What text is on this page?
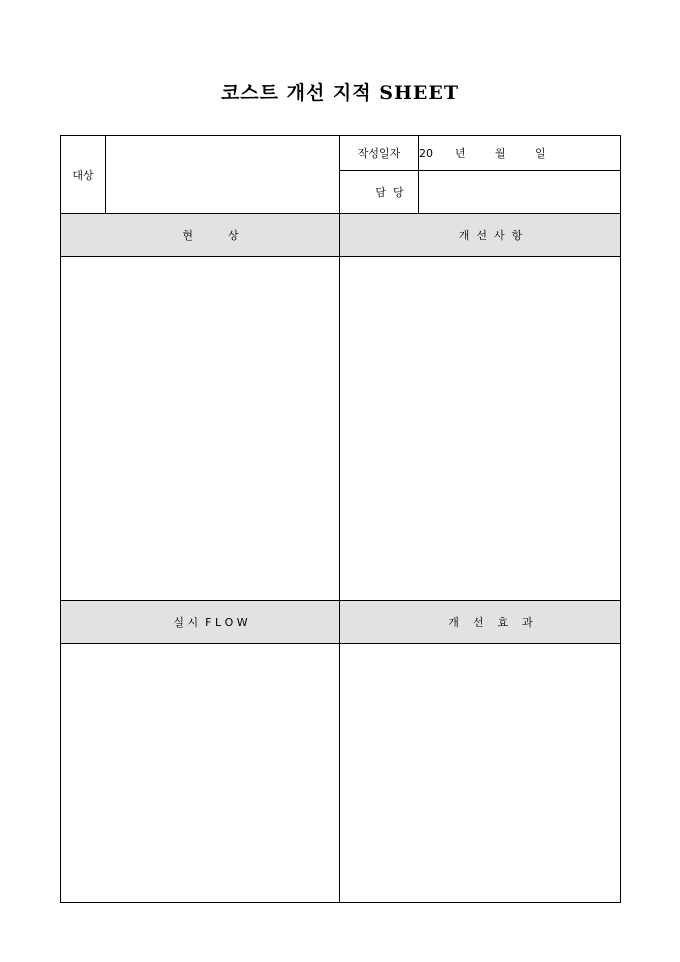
코스트 개선 지적 SHEET
대상		작성일자	20 년 월 일

담  당

현          상		개  선  사  항	

실 시  F L O W		개    선    효    과	
